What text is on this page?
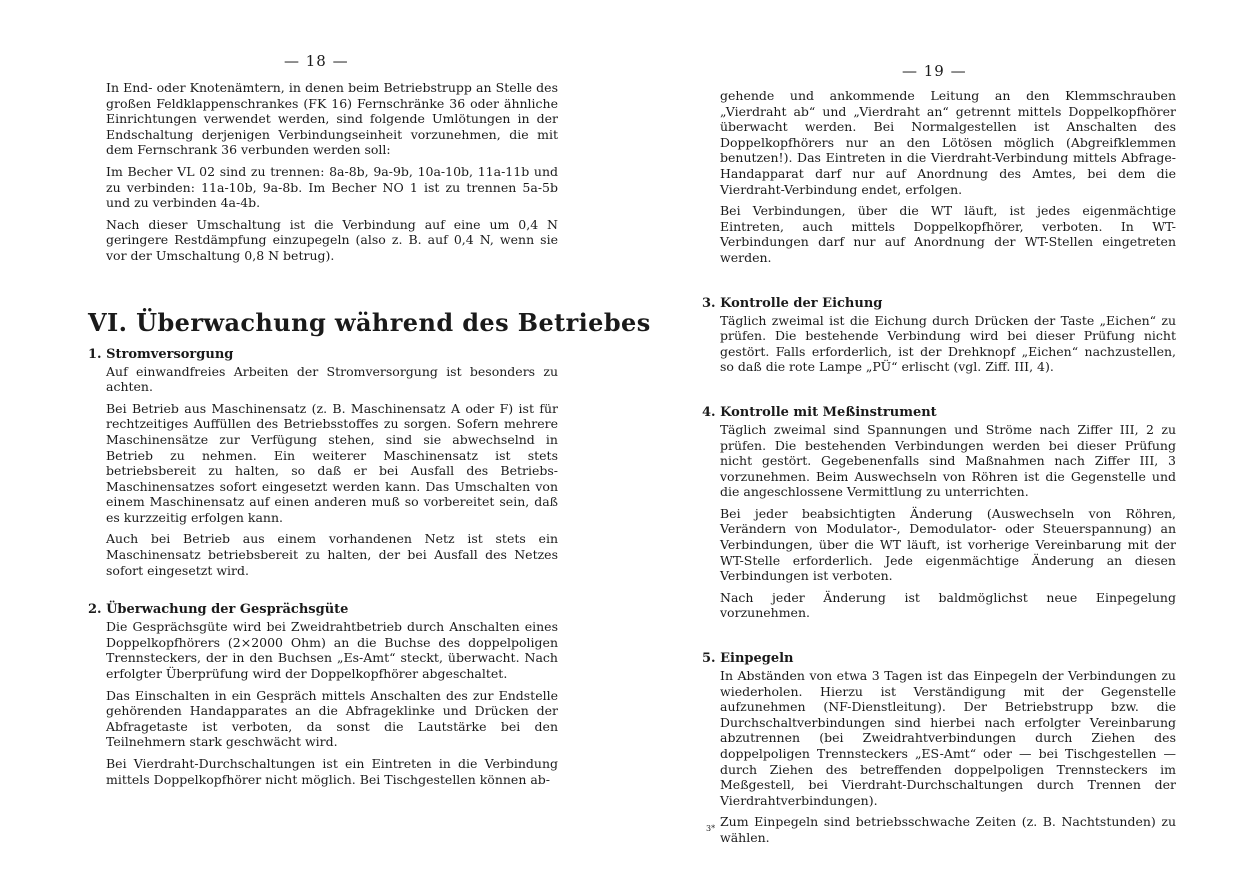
— 18 —

In End- oder Knotenämtern, in denen beim Betriebstrupp an Stelle des großen Feldklappenschrankes (FK 16) Fernschränke 36 oder ähnliche Einrichtungen verwendet werden, sind folgende Umlötungen in der Endschaltung derjenigen Verbindungseinheit vorzunehmen, die mit dem Fernschrank 36 verbunden werden soll:

Im Becher VL 02 sind zu trennen: 8a-8b, 9a-9b, 10a-10b, 11a-11b und zu verbinden: 11a-10b, 9a-8b. Im Becher NO 1 ist zu trennen 5a-5b und zu verbinden 4a-4b.

Nach dieser Umschaltung ist die Verbindung auf eine um 0,4 N geringere Restdämpfung einzupegeln (also z. B. auf 0,4 N, wenn sie vor der Umschaltung 0,8 N betrug).

VI. Überwachung während des Betriebes
1. Stromversorgung

Auf einwandfreies Arbeiten der Stromversorgung ist besonders zu achten.

Bei Betrieb aus Maschinensatz (z. B. Maschinensatz A oder F) ist für rechtzeitiges Auffüllen des Betriebsstoffes zu sorgen. Sofern mehrere Maschinensätze zur Verfügung stehen, sind sie abwechselnd in Betrieb zu nehmen. Ein weiterer Maschinensatz ist stets betriebsbereit zu halten, so daß er bei Ausfall des Betriebs-Maschinensatzes sofort eingesetzt werden kann. Das Umschalten von einem Maschinensatz auf einen anderen muß so vorbereitet sein, daß es kurzzeitig erfolgen kann.

Auch bei Betrieb aus einem vorhandenen Netz ist stets ein Maschinensatz betriebsbereit zu halten, der bei Ausfall des Netzes sofort eingesetzt wird.

2. Überwachung der Gesprächsgüte

Die Gesprächsgüte wird bei Zweidrahtbetrieb durch Anschalten eines Doppelkopfhörers (2×2000 Ohm) an die Buchse des doppelpoligen Trennsteckers, der in den Buchsen „Es-Amt“ steckt, überwacht. Nach erfolgter Überprüfung wird der Doppelkopfhörer abgeschaltet.

Das Einschalten in ein Gespräch mittels Anschalten des zur Endstelle gehörenden Handapparates an die Abfrageklinke und Drücken der Abfragetaste ist verboten, da sonst die Lautstärke bei den Teilnehmern stark geschwächt wird.

Bei Vierdraht-Durchschaltungen ist ein Eintreten in die Verbindung mittels Doppelkopfhörer nicht möglich. Bei Tischgestellen können ab-

— 19 —

gehende und ankommende Leitung an den Klemmschrauben „Vierdraht ab“ und „Vierdraht an“ getrennt mittels Doppelkopfhörer überwacht werden. Bei Normalgestellen ist Anschalten des Doppelkopfhörers nur an den Lötösen möglich (Abgreifklemmen benutzen!). Das Eintreten in die Vierdraht-Verbindung mittels Abfrage-Handapparat darf nur auf Anordnung des Amtes, bei dem die Vierdraht-Verbindung endet, erfolgen.

Bei Verbindungen, über die WT läuft, ist jedes eigenmächtige Eintreten, auch mittels Doppelkopfhörer, verboten. In WT-Verbindungen darf nur auf Anordnung der WT-Stellen eingetreten werden.

3. Kontrolle der Eichung

Täglich zweimal ist die Eichung durch Drücken der Taste „Eichen“ zu prüfen. Die bestehende Verbindung wird bei dieser Prüfung nicht gestört. Falls erforderlich, ist der Drehknopf „Eichen“ nachzustellen, so daß die rote Lampe „PÜ“ erlischt (vgl. Ziff. III, 4).

4. Kontrolle mit Meßinstrument

Täglich zweimal sind Spannungen und Ströme nach Ziffer III, 2 zu prüfen. Die bestehenden Verbindungen werden bei dieser Prüfung nicht gestört. Gegebenenfalls sind Maßnahmen nach Ziffer III, 3 vorzunehmen. Beim Auswechseln von Röhren ist die Gegenstelle und die angeschlossene Vermittlung zu unterrichten.

Bei jeder beabsichtigten Änderung (Auswechseln von Röhren, Verändern von Modulator-, Demodulator- oder Steuerspannung) an Verbindungen, über die WT läuft, ist vorherige Vereinbarung mit der WT-Stelle erforderlich. Jede eigenmächtige Änderung an diesen Verbindungen ist verboten.

Nach jeder Änderung ist baldmöglichst neue Einpegelung vorzunehmen.

5. Einpegeln

In Abständen von etwa 3 Tagen ist das Einpegeln der Verbindungen zu wiederholen. Hierzu ist Verständigung mit der Gegenstelle aufzunehmen (NF-Dienstleitung). Der Betriebstrupp bzw. die Durchschaltverbindungen sind hierbei nach erfolgter Vereinbarung abzutrennen (bei Zweidrahtverbindungen durch Ziehen des doppelpoligen Trennsteckers „ES-Amt“ oder — bei Tischgestellen — durch Ziehen des betreffenden doppelpoligen Trennsteckers im Meßgestell, bei Vierdraht-Durchschaltungen durch Trennen der Vierdrahtverbindungen).

Zum Einpegeln sind betriebsschwache Zeiten (z. B. Nachtstunden) zu wählen.

3*
